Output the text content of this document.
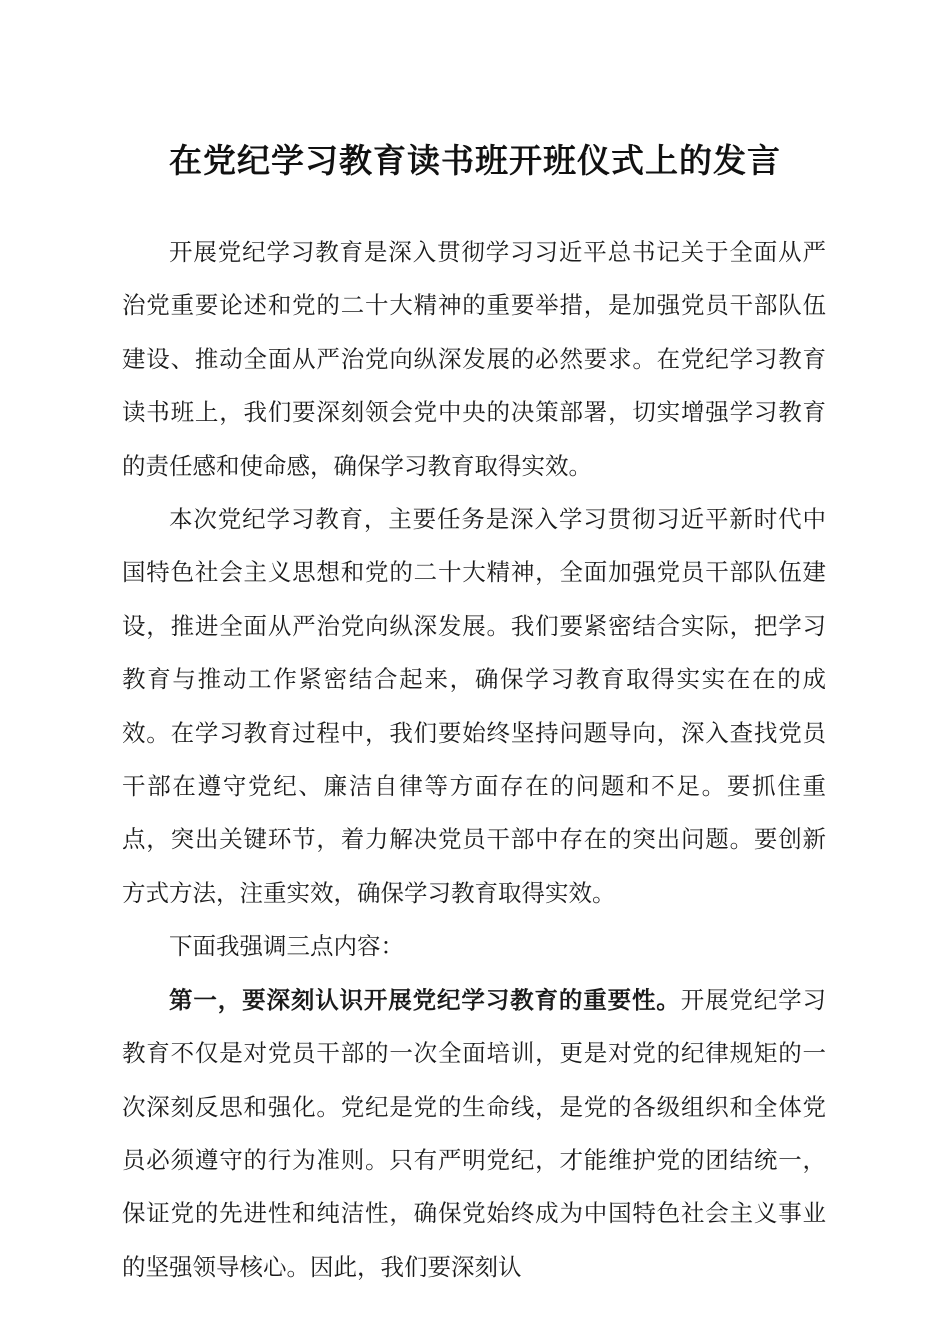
在党纪学习教育读书班开班仪式上的发言

开展党纪学习教育是深入贯彻学习习近平总书记关于全面从严治党重要论述和党的二十大精神的重要举措，是加强党员干部队伍建设、推动全面从严治党向纵深发展的必然要求。在党纪学习教育读书班上，我们要深刻领会党中央的决策部署，切实增强学习教育的责任感和使命感，确保学习教育取得实效。

本次党纪学习教育，主要任务是深入学习贯彻习近平新时代中国特色社会主义思想和党的二十大精神，全面加强党员干部队伍建设，推进全面从严治党向纵深发展。我们要紧密结合实际，把学习教育与推动工作紧密结合起来，确保学习教育取得实实在在的成效。在学习教育过程中，我们要始终坚持问题导向，深入查找党员干部在遵守党纪、廉洁自律等方面存在的问题和不足。要抓住重点，突出关键环节，着力解决党员干部中存在的突出问题。要创新方式方法，注重实效，确保学习教育取得实效。

下面我强调三点内容：

第一，要深刻认识开展党纪学习教育的重要性。开展党纪学习教育不仅是对党员干部的一次全面培训，更是对党的纪律规矩的一次深刻反思和强化。党纪是党的生命线，是党的各级组织和全体党员必须遵守的行为准则。只有严明党纪，才能维护党的团结统一，保证党的先进性和纯洁性，确保党始终成为中国特色社会主义事业的坚强领导核心。因此，我们要深刻认
